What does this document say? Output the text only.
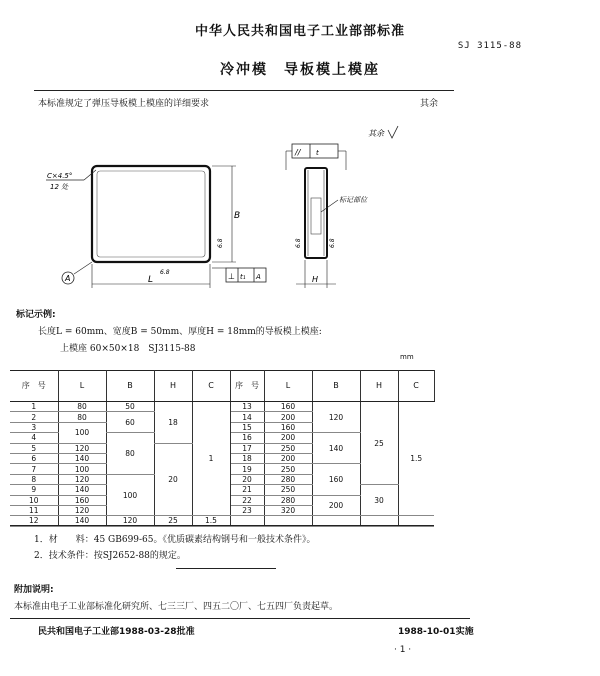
中华人民共和国电子工业部部标准
SJ 3115-88
冷冲模　导板模上模座
本标准规定了弹压导板模上模座的详细要求	其余
其余
C×4.5°
12 处
B
6.8
L
6.8
A	⊥ t₁ A
// t
标记部位
6.8	6.8
H
标记示例:
长度L = 60mm、宽度B = 50mm、厚度H = 18mm的导板模上模座:
上模座 60×50×18　SJ3115-88
mm
序　号	L	B	H	C	序　号	L	B	H	C
1	80	50	18	1	13	160	120	25	1.5
2	80	60			14	200			
3	100				15	160			
4		80			16	200	140		
5	120		20		17	250			
6	140				18	200			
7	100				19	250	160		
8	120	100			20	280			
9	140				21	250		30	
10	160				22	280	200		
11	120				23	320			
12	140	120	25	1.5					
1．材　　料：45 GB699-65。《优质碳素结构钢号和一般技术条件》。
2．技术条件：按SJ2652-88的规定。
附加说明:
本标准由电子工业部标准化研究所、七三三厂、四五二〇厂、七五四厂负责起草。
民共和国电子工业部1988-03-28批准	1988-10-01实施
· 1 ·
